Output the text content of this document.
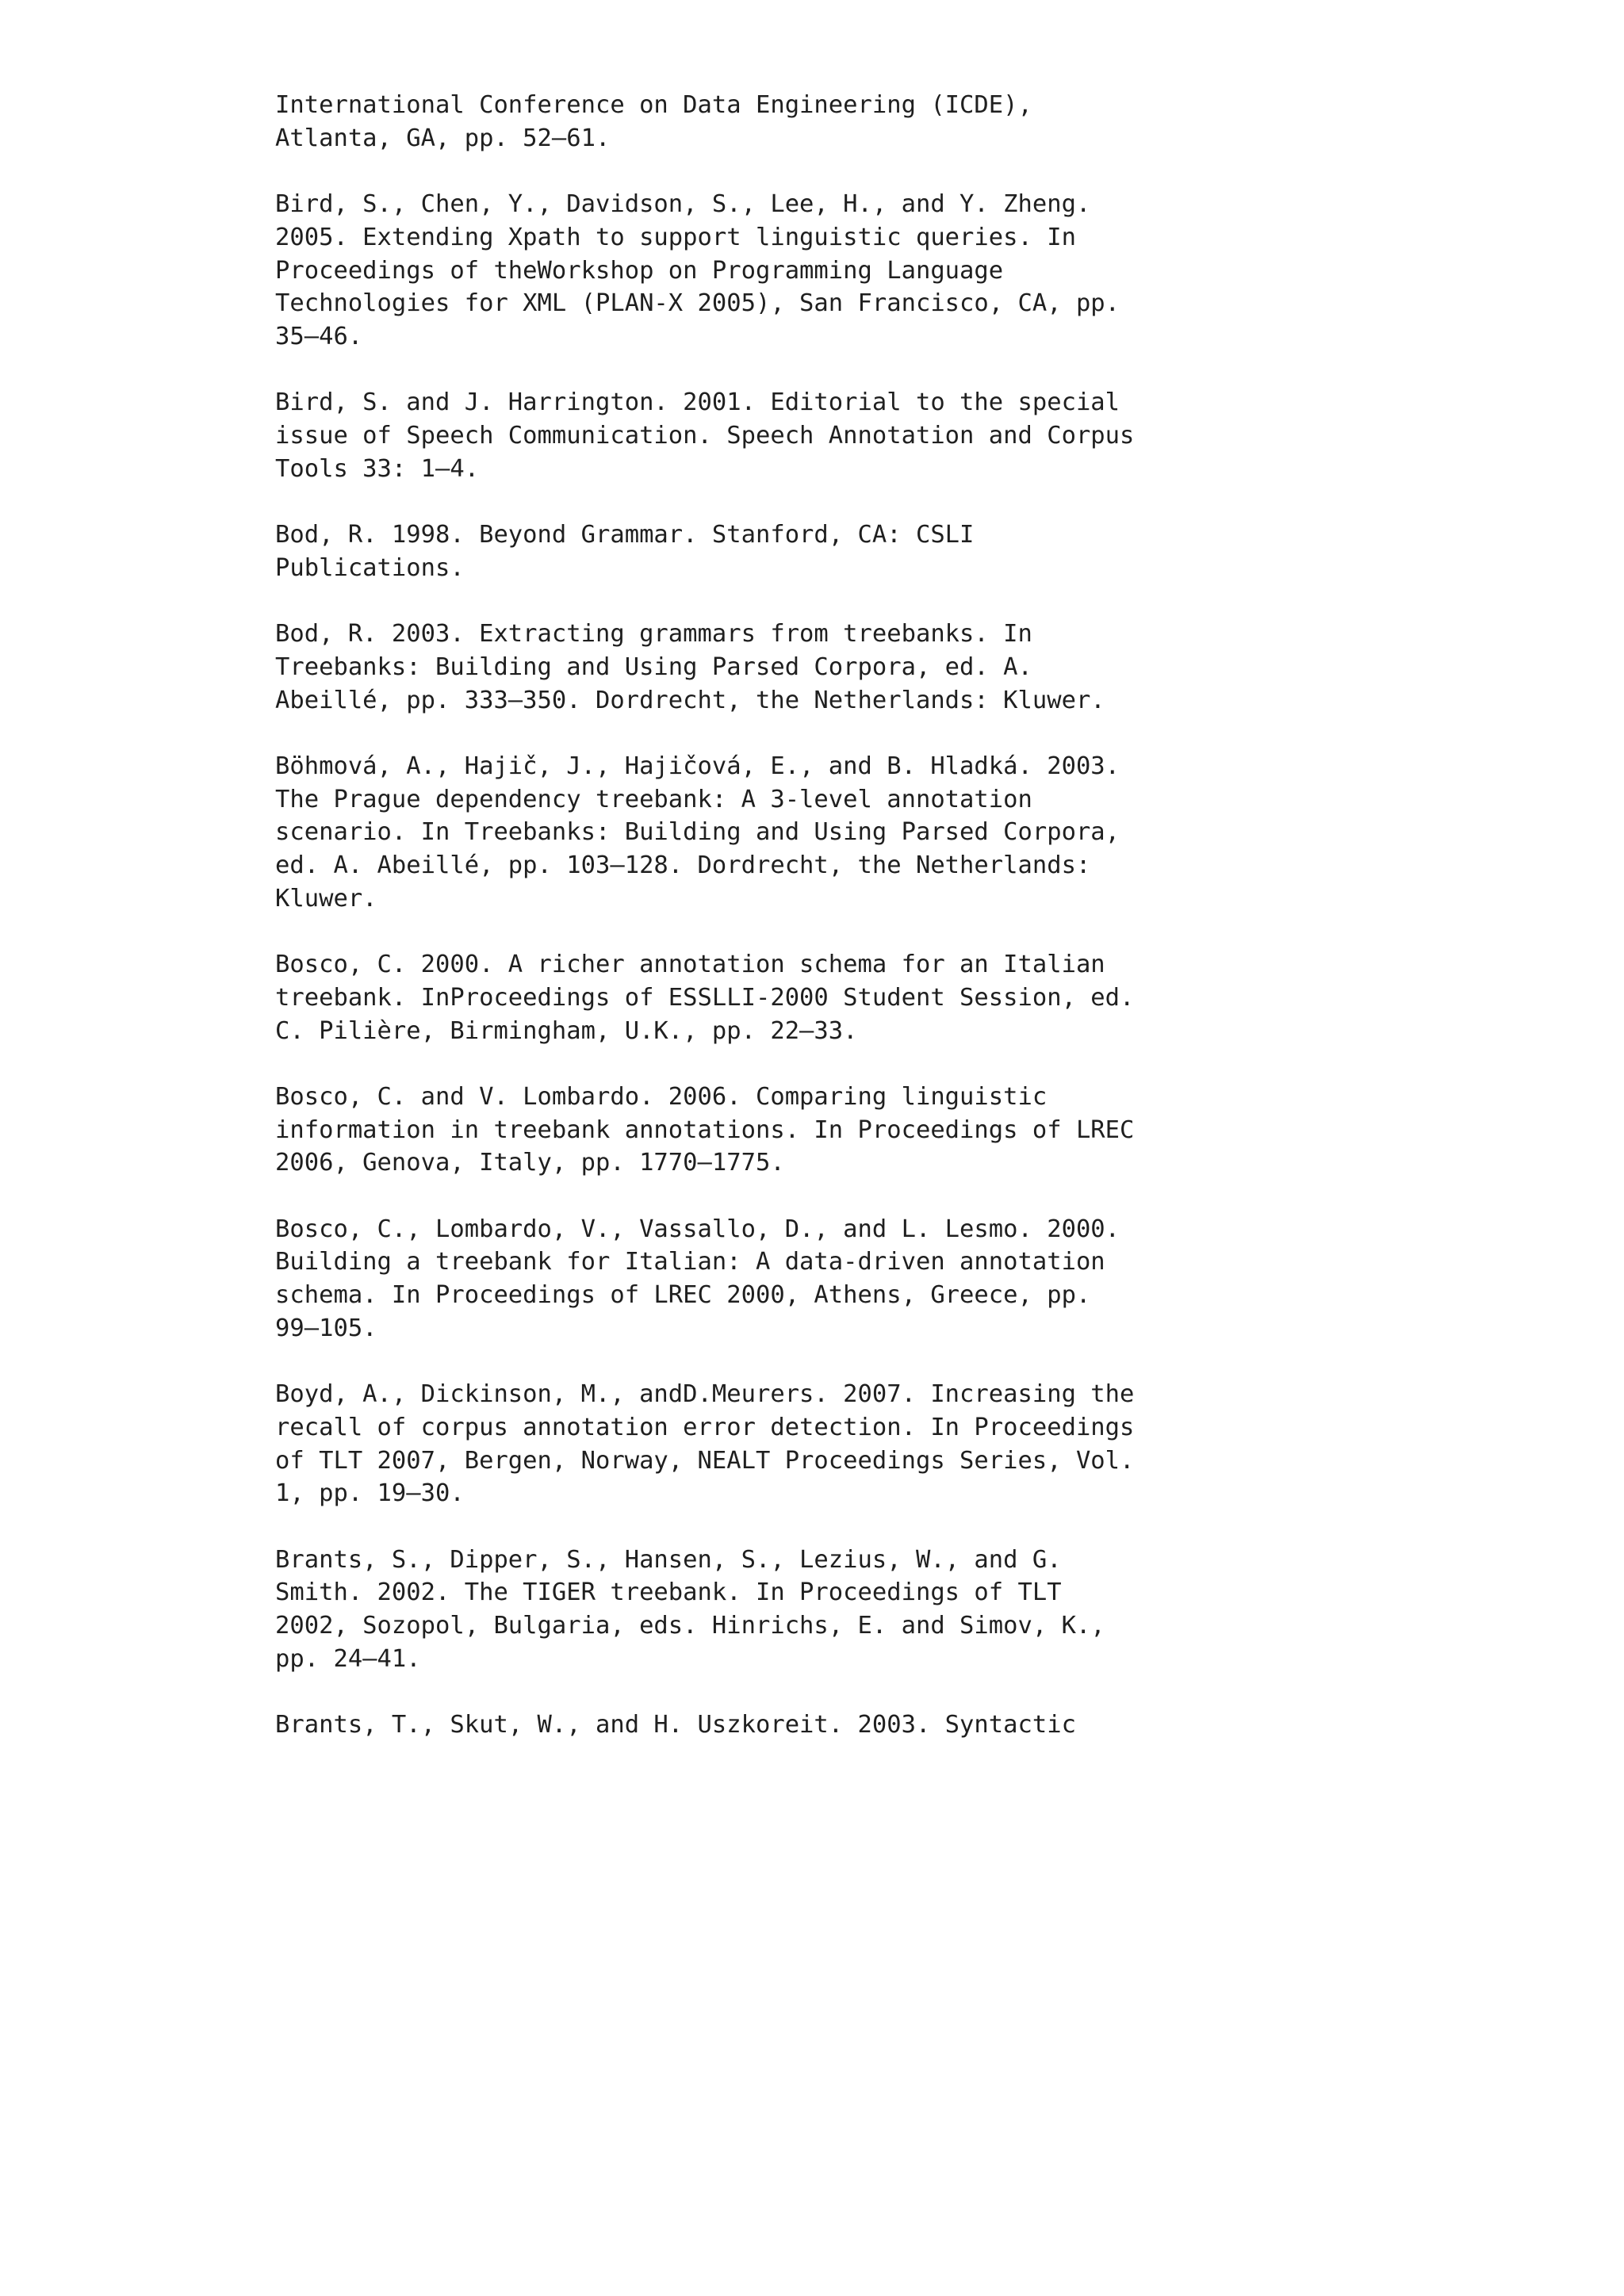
International Conference on Data Engineering (ICDE),
Atlanta, GA, pp. 52–61.
Bird, S., Chen, Y., Davidson, S., Lee, H., and Y. Zheng.
2005. Extending Xpath to support linguistic queries. In
Proceedings of theWorkshop on Programming Language
Technologies for XML (PLAN-X 2005), San Francisco, CA, pp.
35–46.
Bird, S. and J. Harrington. 2001. Editorial to the special
issue of Speech Communication. Speech Annotation and Corpus
Tools 33: 1–4.
Bod, R. 1998. Beyond Grammar. Stanford, CA: CSLI
Publications.
Bod, R. 2003. Extracting grammars from treebanks. In
Treebanks: Building and Using Parsed Corpora, ed. A.
Abeillé, pp. 333–350. Dordrecht, the Netherlands: Kluwer.
Böhmová, A., Hajič, J., Hajičová, E., and B. Hladká. 2003.
The Prague dependency treebank: A 3-level annotation
scenario. In Treebanks: Building and Using Parsed Corpora,
ed. A. Abeillé, pp. 103–128. Dordrecht, the Netherlands:
Kluwer.
Bosco, C. 2000. A richer annotation schema for an Italian
treebank. InProceedings of ESSLLI-2000 Student Session, ed.
C. Pilière, Birmingham, U.K., pp. 22–33.
Bosco, C. and V. Lombardo. 2006. Comparing linguistic
information in treebank annotations. In Proceedings of LREC
2006, Genova, Italy, pp. 1770–1775.
Bosco, C., Lombardo, V., Vassallo, D., and L. Lesmo. 2000.
Building a treebank for Italian: A data-driven annotation
schema. In Proceedings of LREC 2000, Athens, Greece, pp.
99–105.
Boyd, A., Dickinson, M., andD.Meurers. 2007. Increasing the
recall of corpus annotation error detection. In Proceedings
of TLT 2007, Bergen, Norway, NEALT Proceedings Series, Vol.
1, pp. 19–30.
Brants, S., Dipper, S., Hansen, S., Lezius, W., and G.
Smith. 2002. The TIGER treebank. In Proceedings of TLT
2002, Sozopol, Bulgaria, eds. Hinrichs, E. and Simov, K.,
pp. 24–41.
Brants, T., Skut, W., and H. Uszkoreit. 2003. Syntactic
